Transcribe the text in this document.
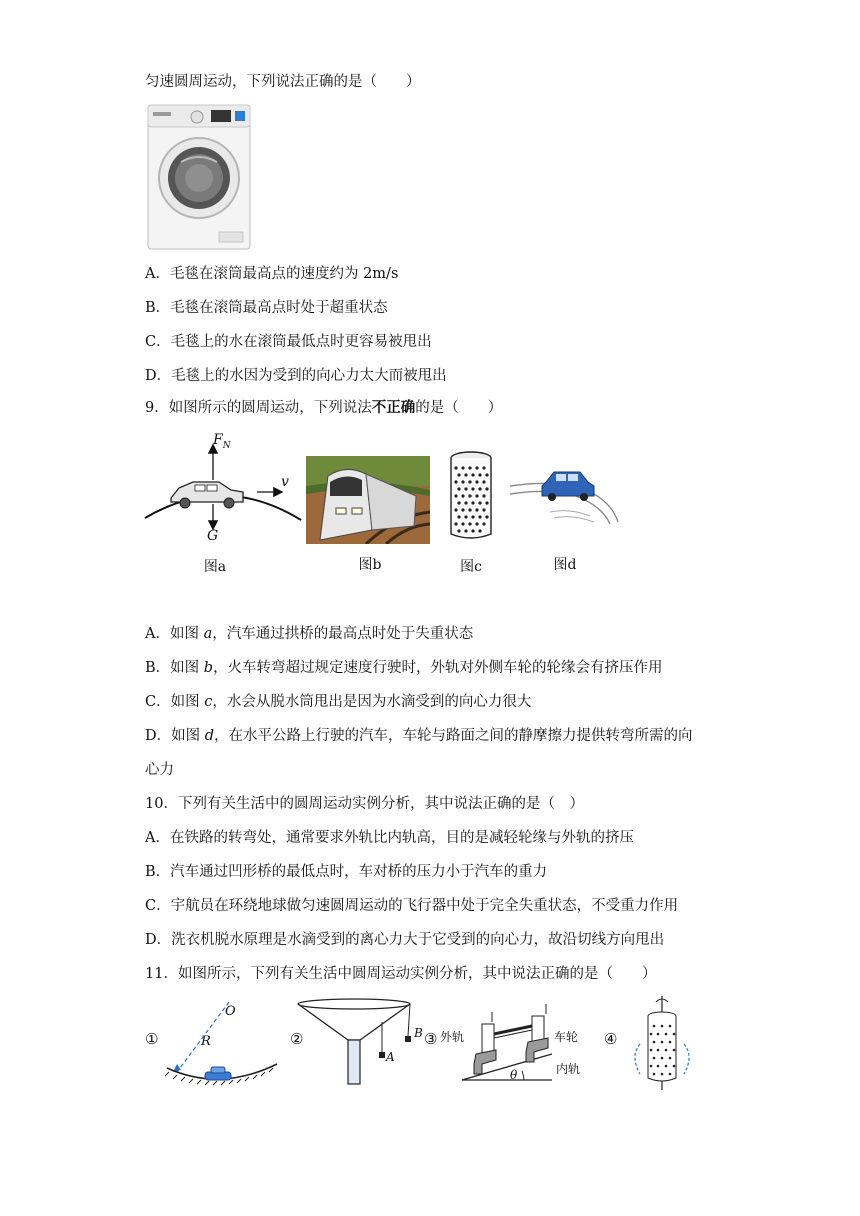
匀速圆周运动，下列说法正确的是（　　）
A．毛毯在滚筒最高点的速度约为 2m/s
B．毛毯在滚筒最高点时处于超重状态
C．毛毯上的水在滚筒最低点时更容易被甩出
D．毛毯上的水因为受到的向心力太大而被甩出
9．如图所示的圆周运动，下列说法不正确的是（　　）
$F_N$
v
G
图a	图b	图c	图d
A．如图 a，汽车通过拱桥的最高点时处于失重状态
B．如图 b，火车转弯超过规定速度行驶时，外轨对外侧车轮的轮缘会有挤压作用
C．如图 c，水会从脱水筒甩出是因为水滴受到的向心力很大
D．如图 d，在水平公路上行驶的汽车，车轮与路面之间的静摩擦力提供转弯所需的向
心力
10．下列有关生活中的圆周运动实例分析，其中说法正确的是（　）
A．在铁路的转弯处，通常要求外轨比内轨高，目的是减轻轮缘与外轨的挤压
B．汽车通过凹形桥的最低点时，车对桥的压力小于汽车的重力
C．宇航员在环绕地球做匀速圆周运动的飞行器中处于完全失重状态，不受重力作用
D．洗衣机脱水原理是水滴受到的离心力大于它受到的向心力，故沿切线方向甩出
11．如图所示，下列有关生活中圆周运动实例分析，其中说法正确的是（　　）
①
O
R	②
A
B ③ 外轨	车轮
内轨
θ
④
